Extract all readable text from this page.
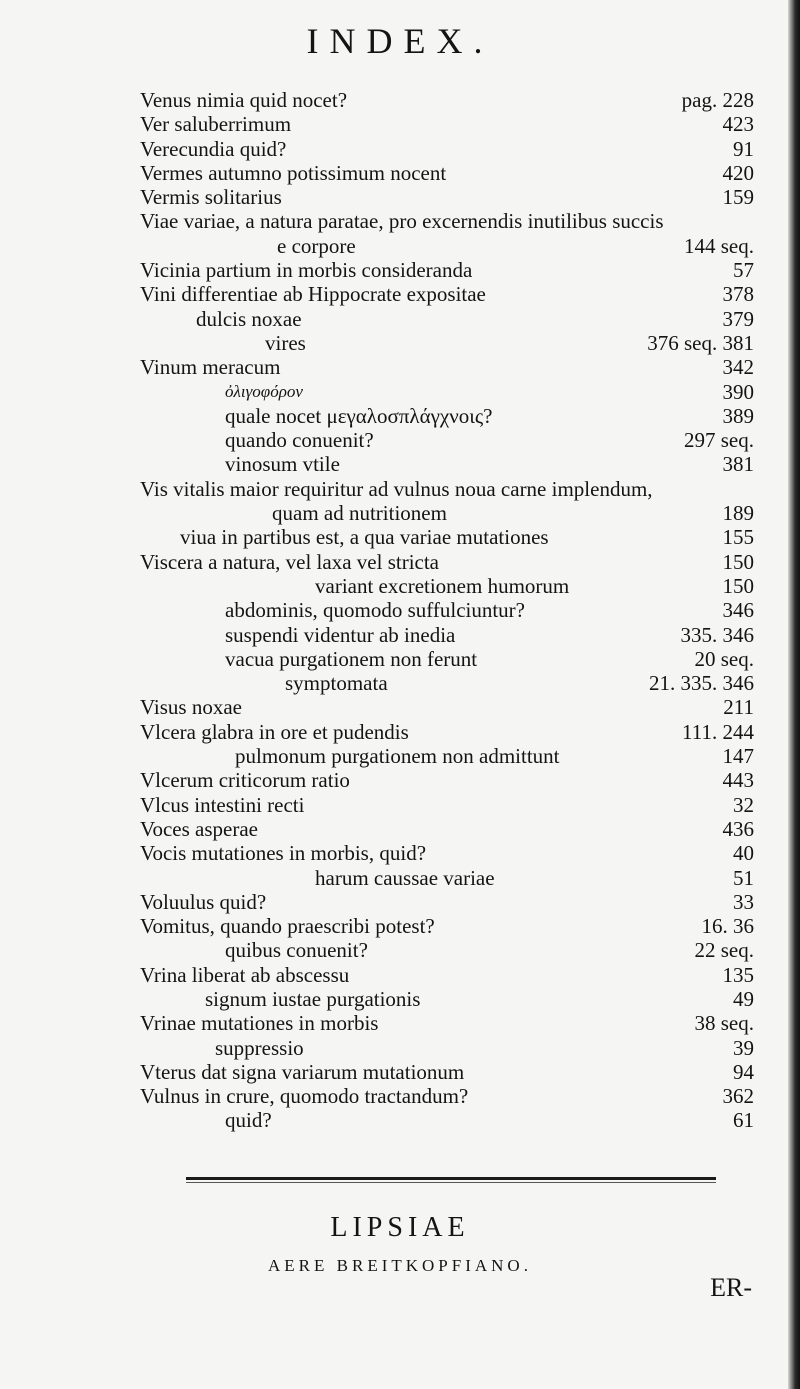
INDEX.
Venus nimia quid nocet?	pag. 228
Ver saluberrimum	423
Verecundia quid?	91
Vermes autumno potissimum nocent	420
Vermis solitarius	159
Viae variae, a natura paratae, pro excernendis inutilibus succis
e corpore	144 seq.
Vicinia partium in morbis consideranda	57
Vini differentiae ab Hippocrate expositae	378
dulcis noxae	379
vires	376 seq. 381
Vinum meracum	342
ὀλιγοφόρον	390
quale nocet μεγαλοσπλάγχνοις?	389
quando conuenit?	297 seq.
vinosum vtile	381
Vis vitalis maior requiritur ad vulnus noua carne implendum,
quam ad nutritionem	189
viua in partibus est, a qua variae mutationes	155
Viscera a natura, vel laxa vel stricta	150
variant excretionem humorum	150
abdominis, quomodo suffulciuntur?	346
suspendi videntur ab inedia	335. 346
vacua purgationem non ferunt	20 seq.
symptomata	21. 335. 346
Visus noxae	211
Vlcera glabra in ore et pudendis	111. 244
pulmonum purgationem non admittunt	147
Vlcerum criticorum ratio	443
Vlcus intestini recti	32
Voces asperae	436
Vocis mutationes in morbis, quid?	40
harum caussae variae	51
Voluulus quid?	33
Vomitus, quando praescribi potest?	16. 36
quibus conuenit?	22 seq.
Vrina liberat ab abscessu	135
signum iustae purgationis	49
Vrinae mutationes in morbis	38 seq.
suppressio	39
Vterus dat signa variarum mutationum	94
Vulnus in crure, quomodo tractandum?	362
quid?	61
LIPSIAE
AERE BREITKOPFIANO.
ER-
